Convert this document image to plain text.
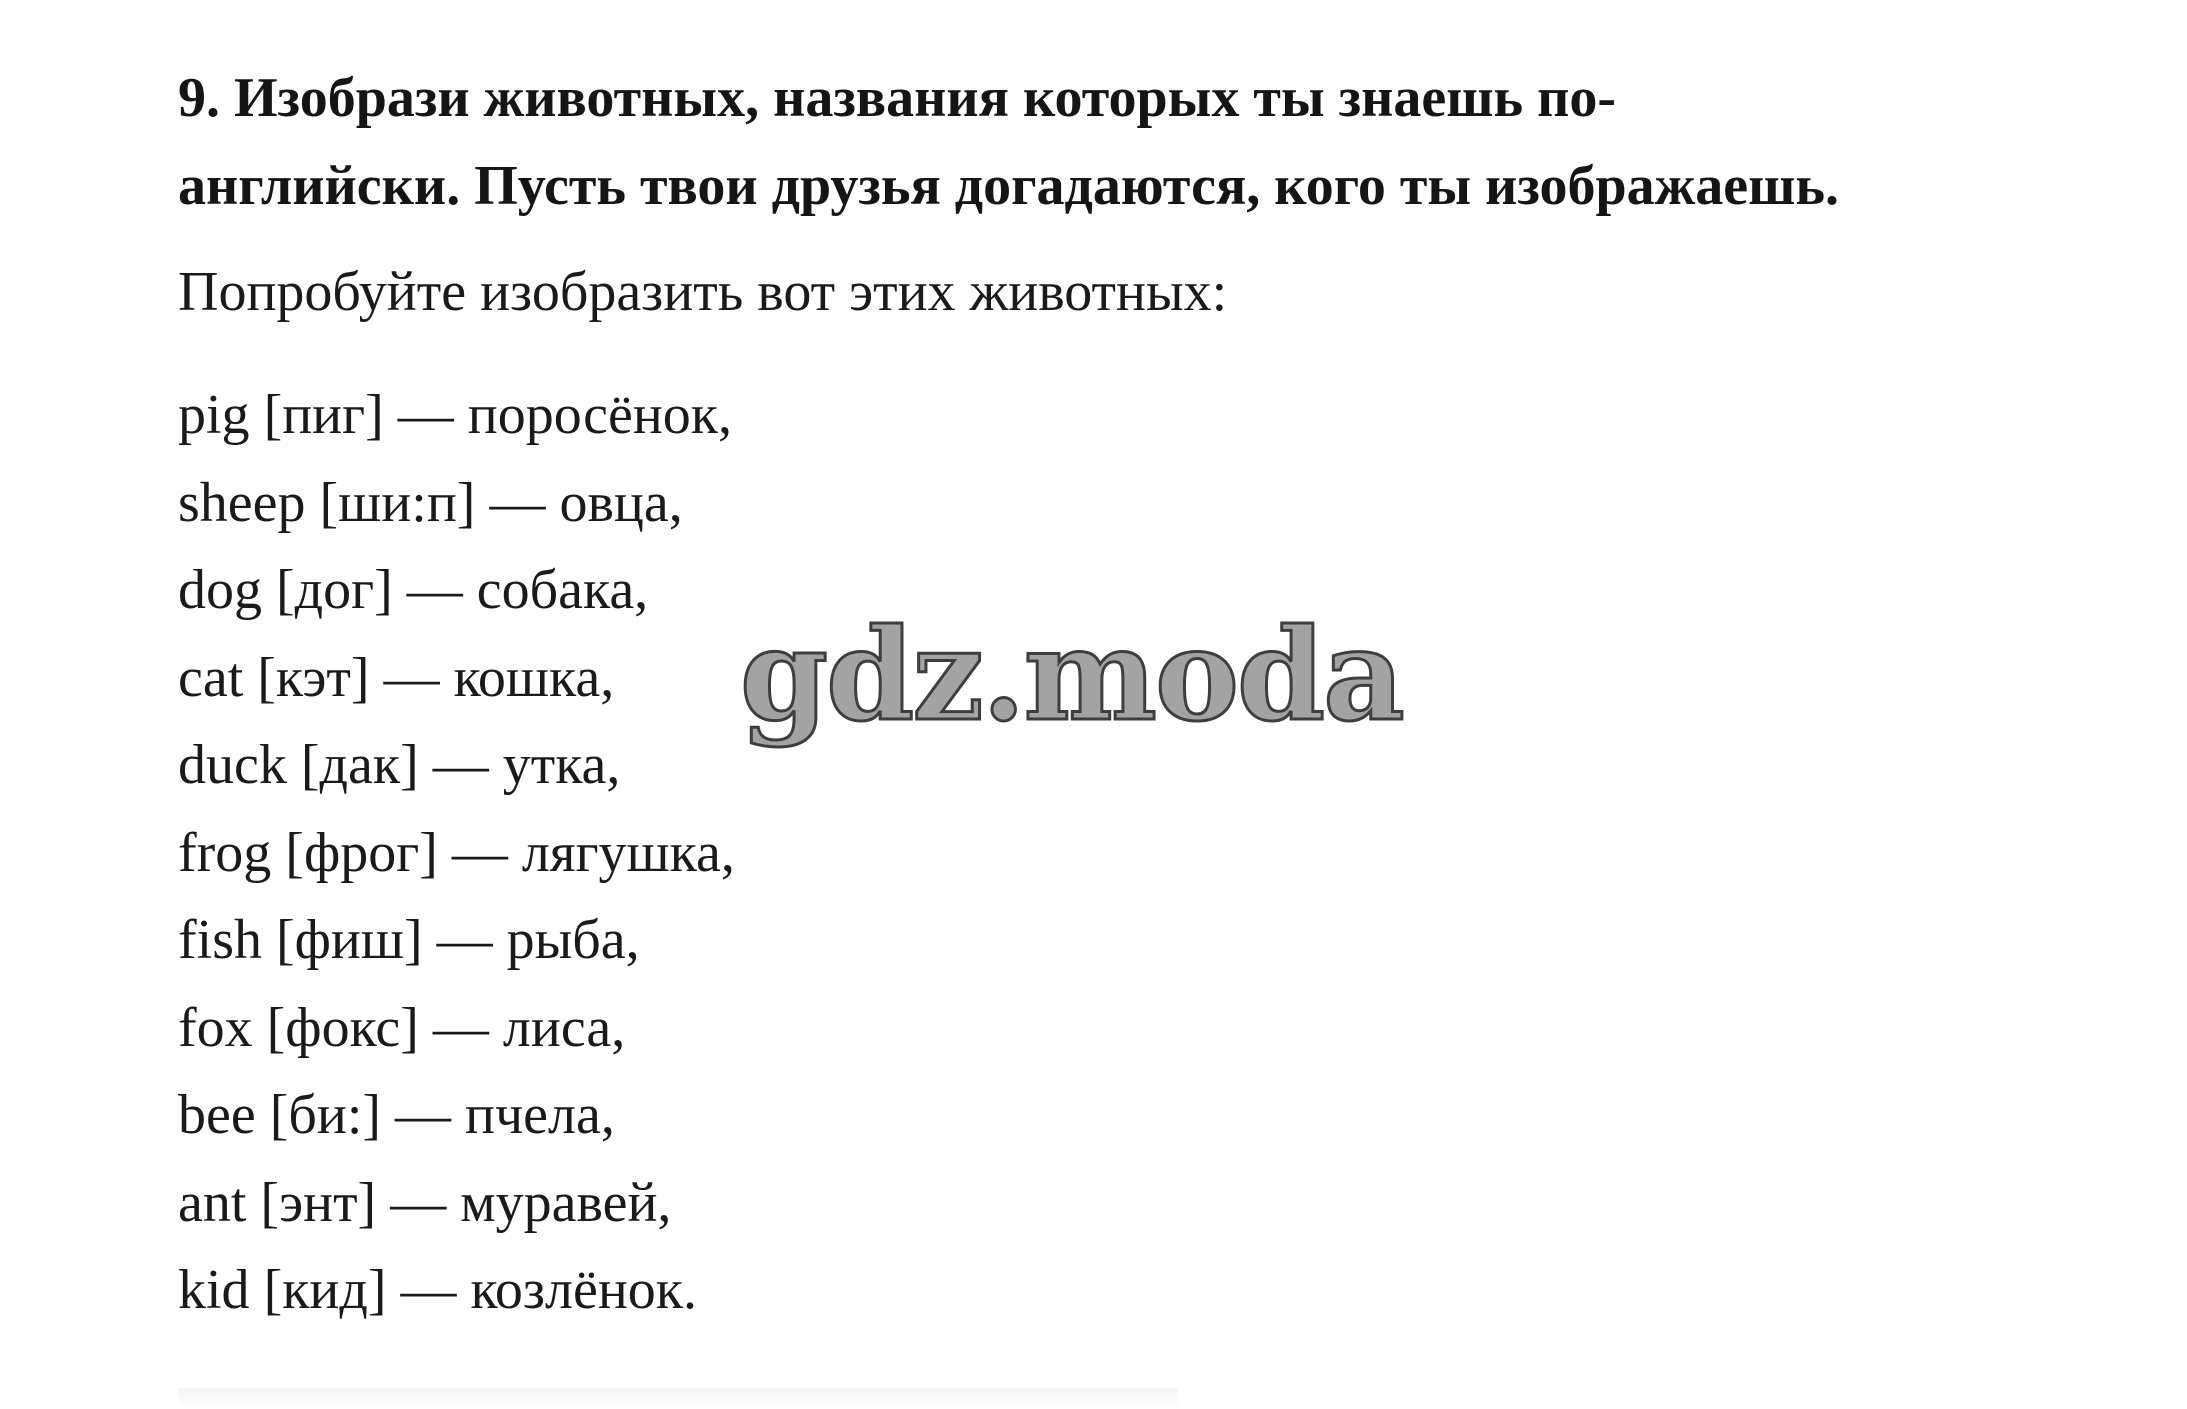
9. Изобрази животных, названия которых ты знаешь по-
английски. Пусть твои друзья догадаются, кого ты изображаешь.

Попробуйте изобразить вот этих животных:

pig [пиг] — поросёнок,
sheep [ши:п] — овца,
dog [дог] — собака,
cat [кэт] — кошка,
duck [дак] — утка,
frog [фрог] — лягушка,
fish [фиш] — рыба,
fox [фокс] — лиса,
bee [би:] — пчела,
ant [энт] — муравей,
kid [кид] — козлёнок.
gdz.moda
